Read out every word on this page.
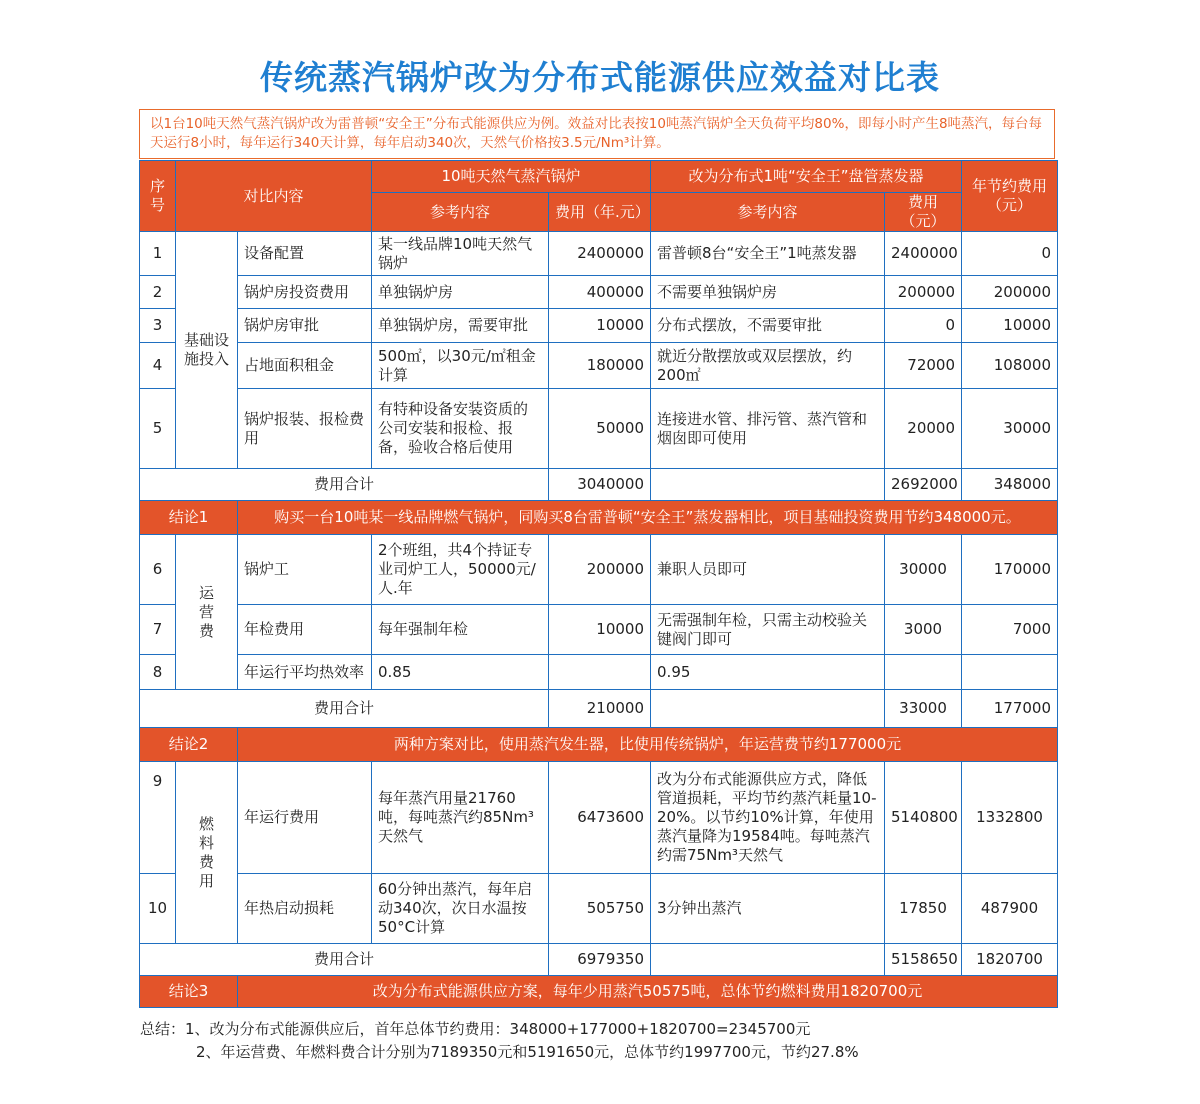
传统蒸汽锅炉改为分布式能源供应效益对比表
以1台10吨天然气蒸汽锅炉改为雷普顿“安全王”分布式能源供应为例。效益对比表按10吨蒸汽锅炉全天负荷平均80%，即每小时产生8吨蒸汽，每台每天运行8小时，每年运行340天计算，每年启动340次，天然气价格按3.5元/Nm³计算。
序号	对比内容		10吨天然气蒸汽锅炉		改为分布式1吨“安全王”盘管蒸发器		年节约费用（元）
			参考内容	费用（年.元）	参考内容	费用（元）	
1	基础设施投入	设备配置	某一线品牌10吨天然气锅炉	2400000	雷普顿8台“安全王”1吨蒸发器	2400000	0
2		锅炉房投资费用	单独锅炉房	400000	不需要单独锅炉房	200000	200000
3		锅炉房审批	单独锅炉房，需要审批	10000	分布式摆放，不需要审批	0	10000
4		占地面积租金	500㎡，以30元/㎡租金计算	180000	就近分散摆放或双层摆放，约200㎡	72000	108000
5		锅炉报装、报检费用	有特种设备安装资质的公司安装和报检、报备，验收合格后使用	50000	连接进水管、排污管、蒸汽管和烟囱即可使用	20000	30000
费用合计				3040000		2692000	348000
结论1		购买一台10吨某一线品牌燃气锅炉，同购买8台雷普顿“安全王”蒸发器相比，项目基础投资费用节约348000元。					
6	运营费	锅炉工	2个班组，共4个持证专业司炉工人，50000元/人.年	200000	兼职人员即可	30000	170000
7		年检费用	每年强制年检	10000	无需强制年检，只需主动校验关键阀门即可	3000	7000
8		年运行平均热效率	0.85		0.95		
费用合计				210000		33000	177000
结论2		两种方案对比，使用蒸汽发生器，比使用传统锅炉，年运营费节约177000元					
9	燃料费用	年运行费用	每年蒸汽用量21760吨，每吨蒸汽约85Nm³天然气	6473600	改为分布式能源供应方式，降低管道损耗，平均节约蒸汽耗量10-20%。以节约10%计算，年使用蒸汽量降为19584吨。每吨蒸汽约需75Nm³天然气	5140800	1332800
10		年热启动损耗	60分钟出蒸汽，每年启动340次，次日水温按50°C计算	505750	3分钟出蒸汽	17850	487900
费用合计				6979350		5158650	1820700
结论3		改为分布式能源供应方案，每年少用蒸汽50575吨，总体节约燃料费用1820700元					
总结：1、改为分布式能源供应后，首年总体节约费用：348000+177000+1820700=2345700元
2、年运营费、年燃料费合计分别为7189350元和5191650元，总体节约1997700元，节约27.8%
